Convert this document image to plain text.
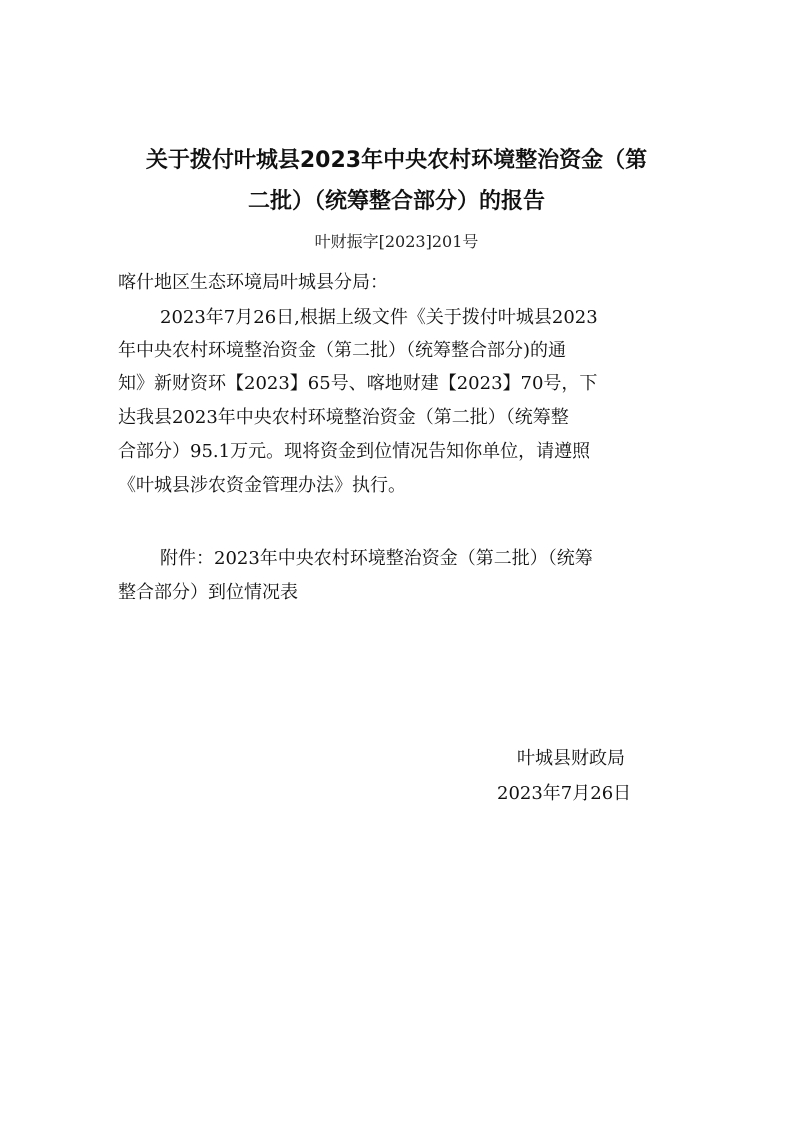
关于拨付叶城县2023年中央农村环境整治资金（第
二批）（统筹整合部分）的报告
叶财振字[2023]201号
喀什地区生态环境局叶城县分局：
2023年7月26日,根据上级文件《关于拨付叶城县2023
年中央农村环境整治资金（第二批）（统筹整合部分)的通
知》新财资环【2023】65号、喀地财建【2023】70号，下
达我县2023年中央农村环境整治资金（第二批）（统筹整
合部分）95.1万元。现将资金到位情况告知你单位，请遵照
《叶城县涉农资金管理办法》执行。
附件：2023年中央农村环境整治资金（第二批）（统筹
整合部分）到位情况表
叶城县财政局
2023年7月26日
